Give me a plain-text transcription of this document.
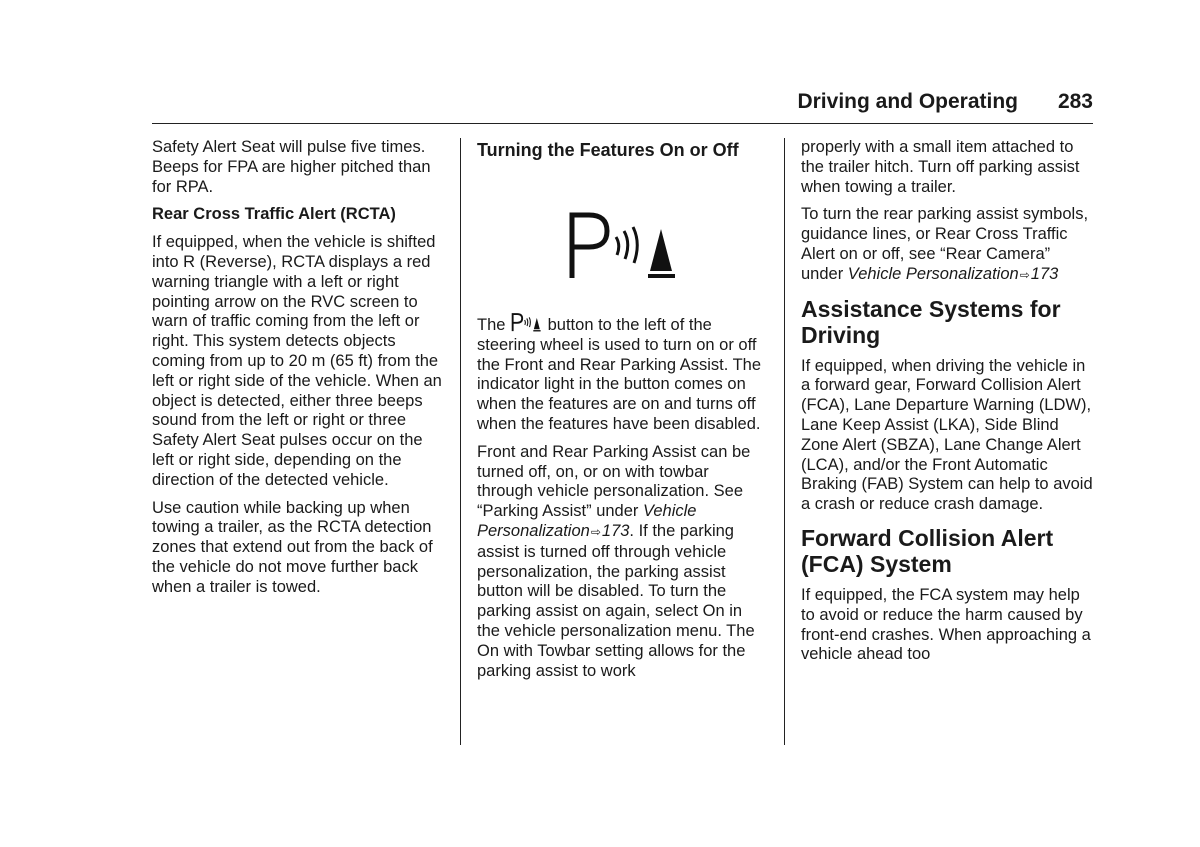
Driving and Operating	283

Safety Alert Seat will pulse five times. Beeps for FPA are higher pitched than for RPA.

Rear Cross Traffic Alert (RCTA)

If equipped, when the vehicle is shifted into R (Reverse), RCTA displays a red warning triangle with a left or right pointing arrow on the RVC screen to warn of traffic coming from the left or right. This system detects objects coming from up to 20 m (65 ft) from the left or right side of the vehicle. When an object is detected, either three beeps sound from the left or right or three Safety Alert Seat pulses occur on the left or right side, depending on the direction of the detected vehicle.

Use caution while backing up when towing a trailer, as the RCTA detection zones that extend out from the back of the vehicle do not move further back when a trailer is towed.

Turning the Features On or Off

The  button to the left of the steering wheel is used to turn on or off the Front and Rear Parking Assist. The indicator light in the button comes on when the features are on and turns off when the features have been disabled.

Front and Rear Parking Assist can be turned off, on, or on with towbar through vehicle personalization. See “Parking Assist” under Vehicle Personalization⇨173. If the parking assist is turned off through vehicle personalization, the parking assist button will be disabled. To turn the parking assist on again, select On in the vehicle personalization menu. The On with Towbar setting allows for the parking assist to work

properly with a small item attached to the trailer hitch. Turn off parking assist when towing a trailer.

To turn the rear parking assist symbols, guidance lines, or Rear Cross Traffic Alert on or off, see “Rear Camera” under Vehicle Personalization⇨173

Assistance Systems for Driving

If equipped, when driving the vehicle in a forward gear, Forward Collision Alert (FCA), Lane Departure Warning (LDW), Lane Keep Assist (LKA), Side Blind Zone Alert (SBZA), Lane Change Alert (LCA), and/or the Front Automatic Braking (FAB) System can help to avoid a crash or reduce crash damage.

Forward Collision Alert (FCA) System

If equipped, the FCA system may help to avoid or reduce the harm caused by front-end crashes. When approaching a vehicle ahead too
